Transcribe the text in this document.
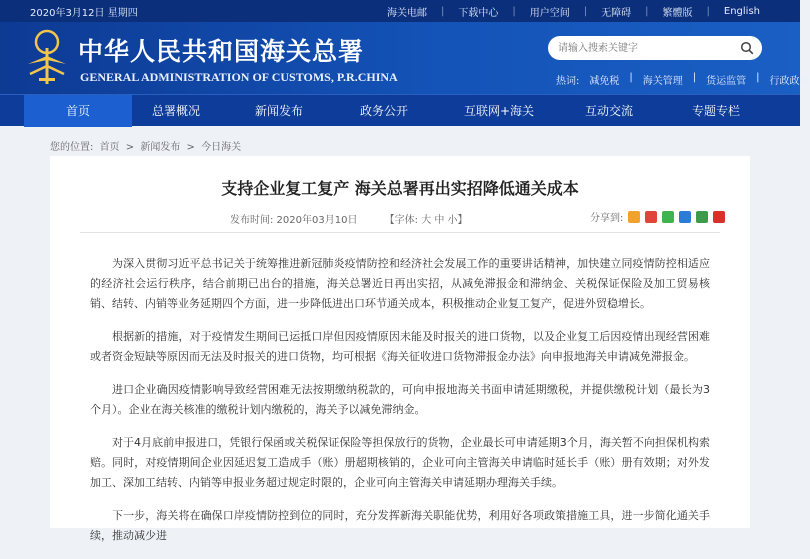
2020年3月12日 星期四	海关电邮 | 下载中心 | 用户空间 | 无障碍 | 繁體版 | English
中华人民共和国海关总署
GENERAL ADMINISTRATION OF CUSTOMS, P.R.CHINA
请输入搜索关键字	热词: 减免税 | 海关管理 | 货运监管 | 行政政策
首页	总署概况	新闻发布	政务公开	互联网+海关	互动交流	专题专栏
您的位置: 首页 > 新闻发布 > 今日海关
支持企业复工复产 海关总署再出实招降低通关成本
发布时间: 2020年03月10日	【字体: 大 中 小】	分享到:

为深入贯彻习近平总书记关于统筹推进新冠肺炎疫情防控和经济社会发展工作的重要讲话精神，加快建立同疫情防控相适应的经济社会运行秩序，结合前期已出台的措施，海关总署近日再出实招，从减免滞报金和滞纳金、关税保证保险及加工贸易核销、结转、内销等业务延期四个方面，进一步降低进出口环节通关成本，积极推动企业复工复产，促进外贸稳增长。

根据新的措施，对于疫情发生期间已运抵口岸但因疫情原因未能及时报关的进口货物，以及企业复工后因疫情出现经营困难或者资金短缺等原因而无法及时报关的进口货物，均可根据《海关征收进口货物滞报金办法》向申报地海关申请减免滞报金。

进口企业确因疫情影响导致经营困难无法按期缴纳税款的，可向申报地海关书面申请延期缴税，并提供缴税计划（最长为3个月）。企业在海关核准的缴税计划内缴税的，海关予以减免滞纳金。

对于4月底前申报进口，凭银行保函或关税保证保险等担保放行的货物，企业最长可申请延期3个月，海关暂不向担保机构索赔。同时，对疫情期间企业因延迟复工造成手（账）册超期核销的，企业可向主管海关申请临时延长手（账）册有效期；对外发加工、深加工结转、内销等申报业务超过规定时限的，企业可向主管海关申请延期办理海关手续。

下一步，海关将在确保口岸疫情防控到位的同时，充分发挥新海关职能优势，利用好各项政策措施工具，进一步简化通关手续，推动减少进
